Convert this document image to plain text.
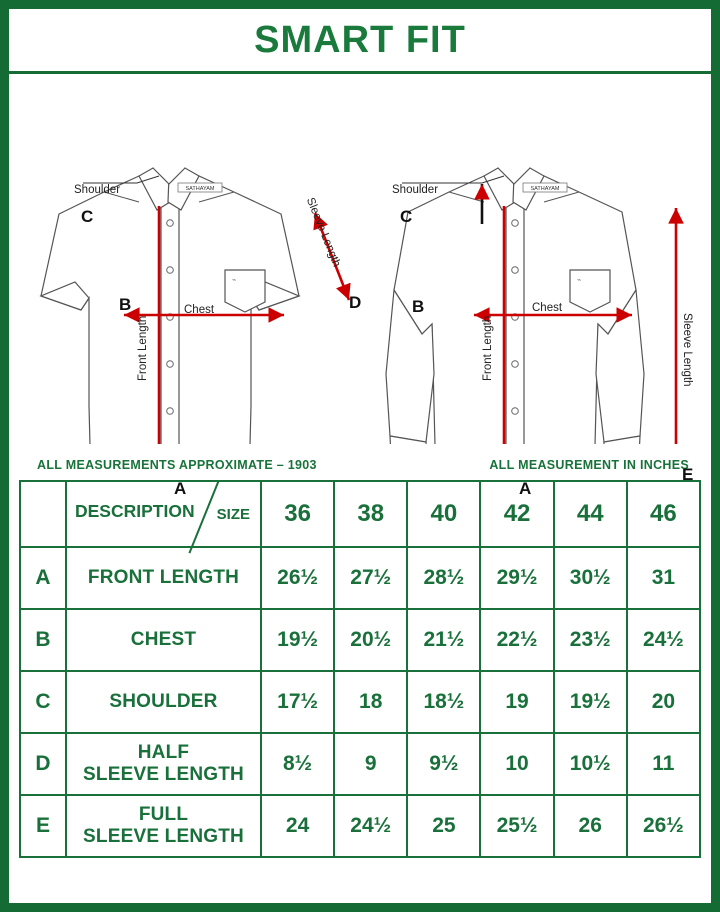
SMART FIT
SATHAYAM
⌁
Shoulder
C
B	D
A
Chest
Front Length
Sleeve Length
SATHAYAM
⌁
Shoulder
C
B
E
A
Chest
Front Length	Sleeve Length
ALL MEASUREMENTS APPROXIMATE – 1903	ALL MEASUREMENT IN INCHES

	DESCRIPTION SIZE	36	38	40	42	44	46
A	FRONT LENGTH	26½	27½	28½	29½	30½	31
B	CHEST	19½	20½	21½	22½	23½	24½
C	SHOULDER	17½	18	18½	19	19½	20
D	HALF
SLEEVE LENGTH	8½	9	9½	10	10½	11
E	FULL
SLEEVE LENGTH	24	24½	25	25½	26	26½
